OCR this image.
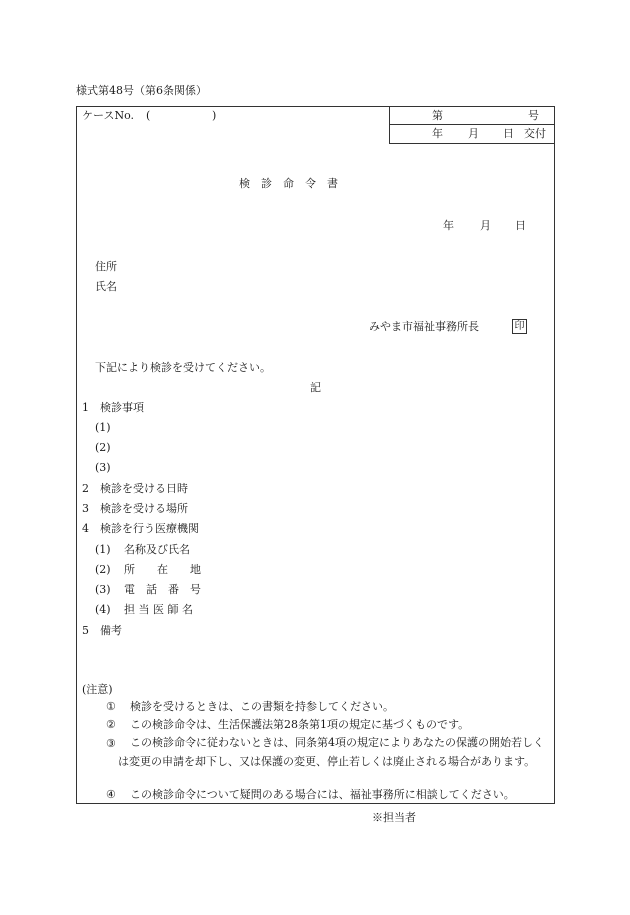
様式第48号（第6条関係）
第	号
年 月 日 交付
ケースNo. (	)
検　診　命　令　書
年 月 日
住所
氏名
みやま市福祉事務所長	印
下記により検診を受けてください。
記
1 検診事項
(1)
(2)
(3)
2 検診を受ける日時
3 検診を受ける場所
4 検診を行う医療機関
(1) 名称及び氏名
(2) 所　　在　　地
(3) 電　話　番　号
(4) 担 当 医 師 名
5 備考
(注意)
① 検診を受けるときは、この書類を持参してください。
② この検診命令は、生活保護法第28条第1項の規定に基づくものです。
③	この検診命令に従わないときは、同条第4項の規定によりあなたの保護の開始若しくは変更の申請を却下し、又は保護の変更、停止若しくは廃止される場合があります。
④ この検診命令について疑問のある場合には、福祉事務所に相談してください。
※担当者
